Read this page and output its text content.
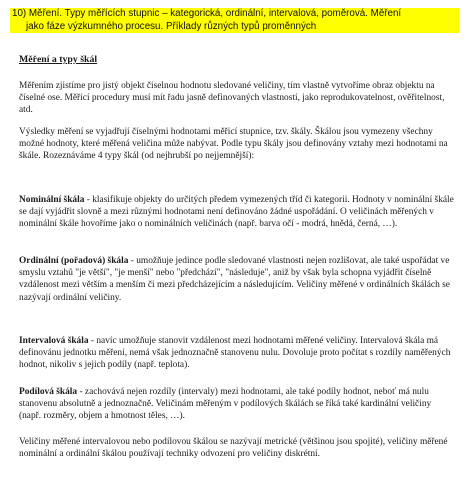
10) Měření. Typy měřících stupnic – kategorická, ordinální, intervalová, poměrová. Měření
jako fáze výzkumného procesu. Příklady různých typů proměnných
Měření a typy škál

Měřením zjistíme pro jistý objekt číselnou hodnotu sledované veličiny, tím vlastně vytvoříme obraz objektu na číselné ose. Měřící procedury musí mít řadu jasně definovaných vlastností, jako reprodukovatelnost, ověřitelnost, atd.

Výsledky měření se vyjadřují číselnými hodnotami měřicí stupnice, tzv. škály. Škálou jsou vymezeny všechny možné hodnoty, které měřená veličina může nabývat. Podle typu škály jsou definovány vztahy mezi hodnotami na škále. Rozeznáváme 4 typy škál (od nejhrubší po nejjemnější):

Nominální škála - klasifikuje objekty do určitých předem vymezených tříd či kategorii. Hodnoty v nominální škále se dají vyjádřit slovně a mezi různými hodnotami není definováno žádné uspořádání. O veličinách měřených v nominální škále hovoříme jako o nominálních veličinách (např. barva očí - modrá, hnědá, černá, …).

Ordinální (pořadová) škála - umožňuje jedince podle sledované vlastnosti nejen rozlišovat, ale také uspořádat ve smyslu vztahů "je větší", "je menší" nebo "předchází", "následuje", aniž by však byla schopna vyjádřit číselně vzdálenost mezi větším a menším či mezi předcházejícím a následujícím. Veličiny měřené v ordinálních škálách se nazývají ordinální veličiny.

Intervalová škála - navíc umožňuje stanovit vzdálenost mezi hodnotami měřené veličiny. Intervalová škála má definovánu jednotku měření, nemá však jednoznačně stanovenu nulu. Dovoluje proto počítat s rozdíly naměřených hodnot, nikoliv s jejich podíly (např. teplota).

Podílová škála - zachovává nejen rozdíly (intervaly) mezi hodnotami, ale také podíly hodnot, neboť má nulu stanovenu absolutně a jednoznačně. Veličinám měřeným v podílových škálách se říká také kardinální veličiny (např. rozměry, objem a hmotnost těles, …).

Veličiny měřené intervalovou nebo podílovou škálou se nazývají metrické (většinou jsou spojité), veličiny měřené nominální a ordinální škálou používají techniky odvození pro veličiny diskrétní.
